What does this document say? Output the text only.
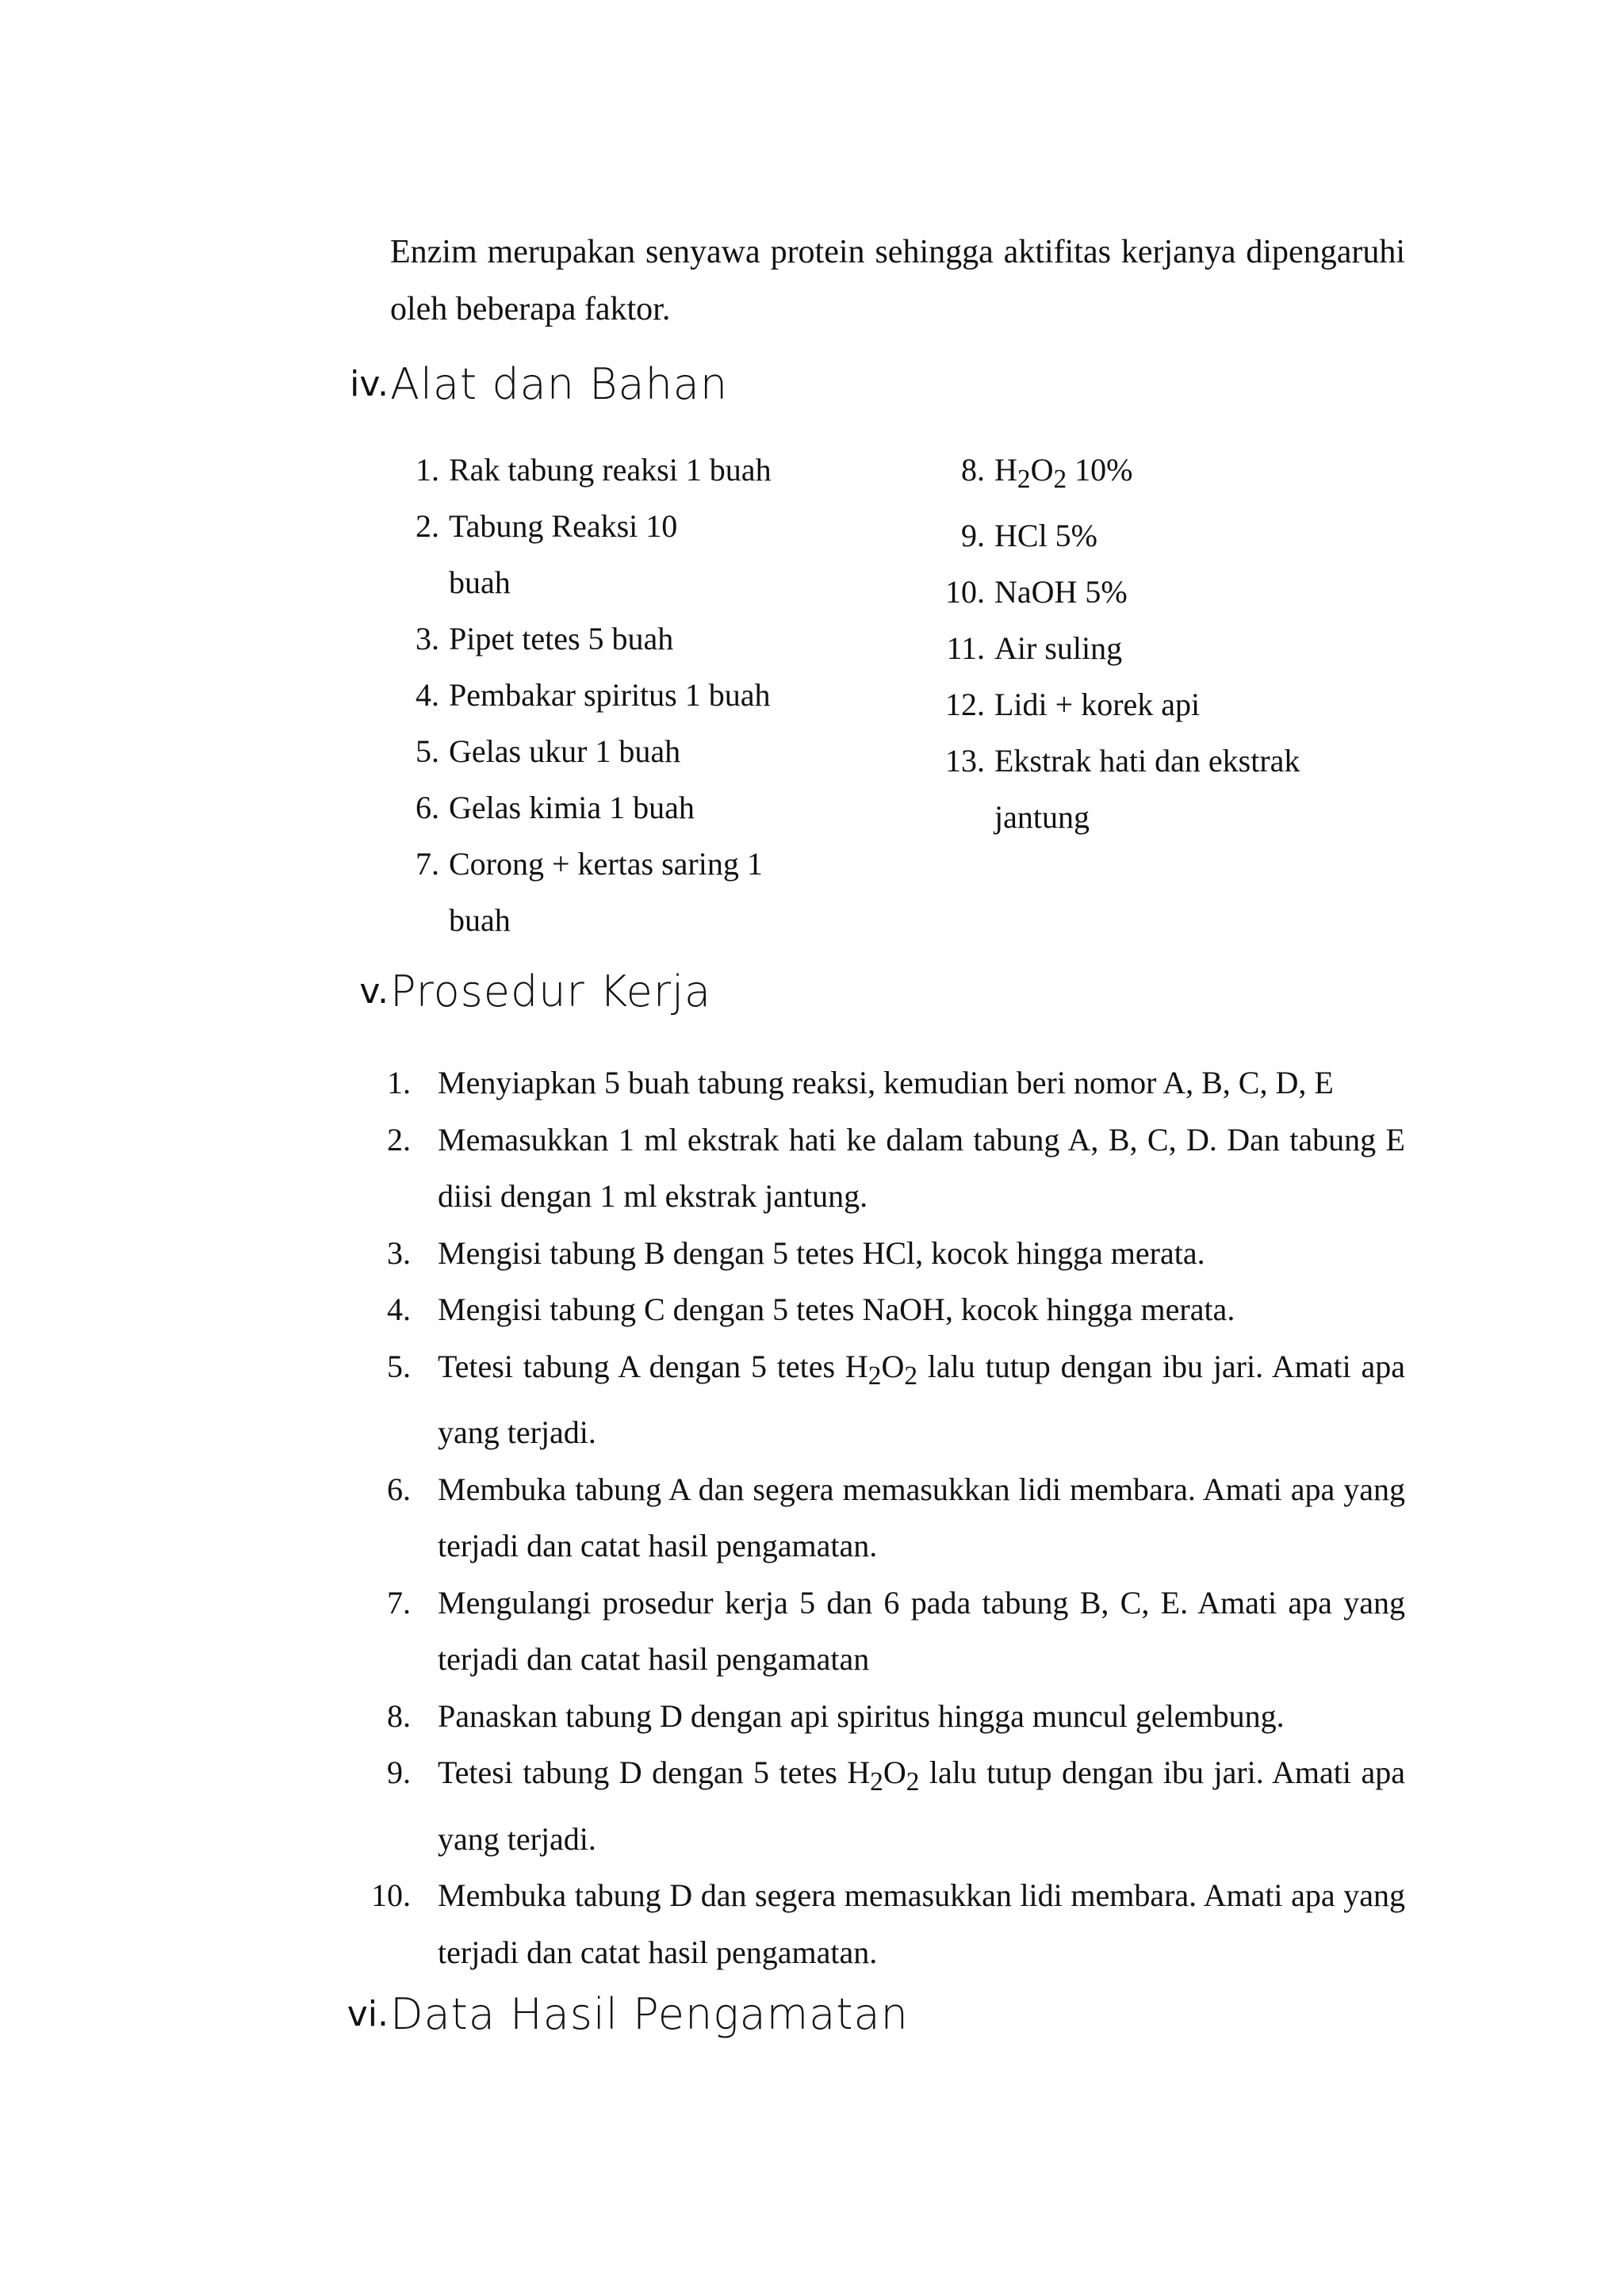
Enzim merupakan senyawa protein sehingga aktifitas kerjanya dipengaruhi oleh beberapa faktor.
iv. Alat dan Bahan
1. Rak tabung reaksi 1 buah
2. Tabung Reaksi 10 buah
3. Pipet tetes 5 buah
4. Pembakar spiritus 1 buah
5. Gelas ukur 1 buah
6. Gelas kimia 1 buah
7. Corong + kertas saring 1 buah
8. $H_2O_2$ 10%
9. HCl 5%
10. NaOH 5%
11. Air suling
12. Lidi + korek api
13. Ekstrak hati dan ekstrak jantung
v. Prosedur Kerja
1. Menyiapkan 5 buah tabung reaksi, kemudian beri nomor A, B, C, D, E
2. Memasukkan 1 ml ekstrak hati ke dalam tabung A, B, C, D. Dan tabung E diisi dengan 1 ml ekstrak jantung.
3. Mengisi tabung B dengan 5 tetes HCl, kocok hingga merata.
4. Mengisi tabung C dengan 5 tetes NaOH, kocok hingga merata.
5. Tetesi tabung A dengan 5 tetes $H_2O_2$ lalu tutup dengan ibu jari. Amati apa yang terjadi.
6. Membuka tabung A dan segera memasukkan lidi membara. Amati apa yang terjadi dan catat hasil pengamatan.
7. Mengulangi prosedur kerja 5 dan 6 pada tabung B, C, E. Amati apa yang terjadi dan catat hasil pengamatan
8. Panaskan tabung D dengan api spiritus hingga muncul gelembung.
9. Tetesi tabung D dengan 5 tetes $H_2O_2$ lalu tutup dengan ibu jari. Amati apa yang terjadi.
10. Membuka tabung D dan segera memasukkan lidi membara. Amati apa yang terjadi dan catat hasil pengamatan.
vi. Data Hasil Pengamatan
